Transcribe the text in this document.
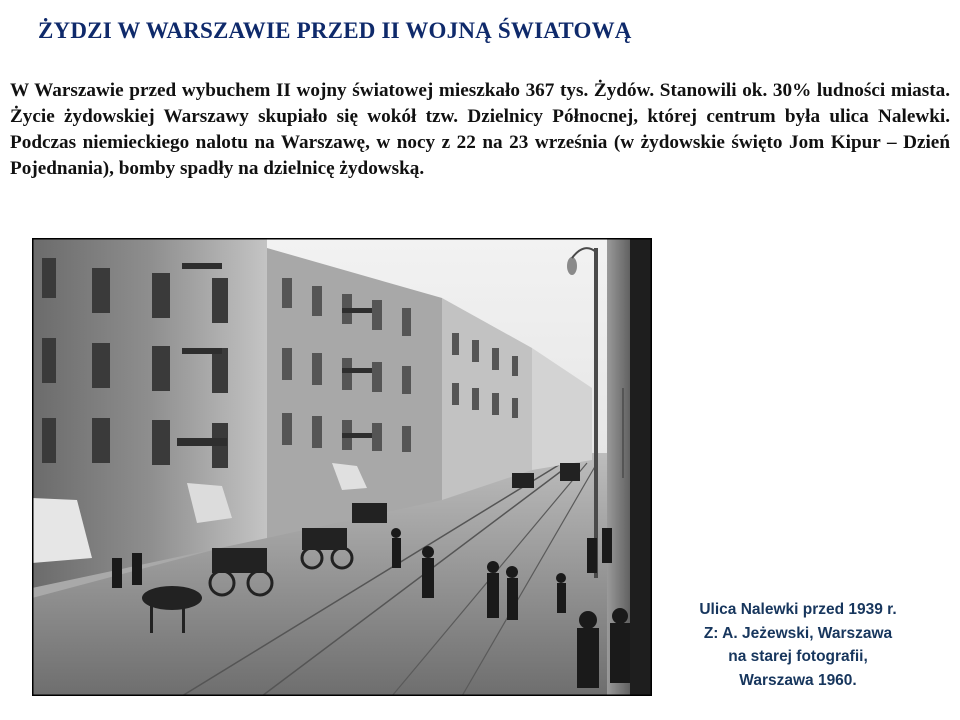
ŻYDZI W WARSZAWIE PRZED II WOJNĄ ŚWIATOWĄ

W Warszawie przed wybuchem II wojny światowej mieszkało 367 tys. Żydów. Stanowili ok. 30% ludności miasta. Życie żydowskiej Warszawy skupiało się wokół tzw. Dzielnicy Północnej, której centrum była ulica Nalewki. Podczas niemieckiego nalotu na Warszawę, w nocy z 22 na 23 września (w żydowskie święto Jom Kipur – Dzień Pojednania), bomby spadły na dzielnicę żydowską.

Ulica Nalewki przed 1939 r.
Z: A. Jeżewski, Warszawa
na starej fotografii,
Warszawa 1960.
